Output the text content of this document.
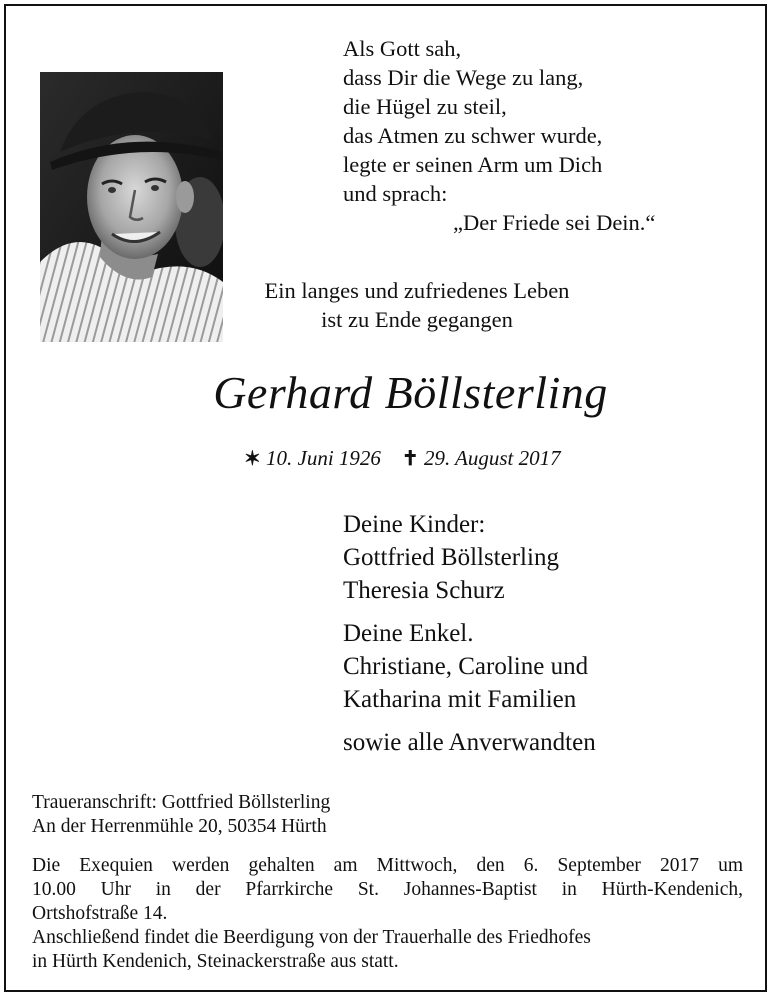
Als Gott sah,
dass Dir die Wege zu lang,
die Hügel zu steil,
das Atmen zu schwer wurde,
legte er seinen Arm um Dich
und sprach:
„Der Friede sei Dein.“
Ein langes und zufriedenes Leben
ist zu Ende gegangen
Gerhard Böllsterling
✶ 10. Juni 1926 ✝ 29. August 2017
Deine Kinder:
Gottfried Böllsterling
Theresia Schurz
Deine Enkel.
Christiane, Caroline und
Katharina mit Familien
sowie alle Anverwandten
Traueranschrift: Gottfried Böllsterling
An der Herrenmühle 20, 50354 Hürth
Die Exequien werden gehalten am Mittwoch, den 6. September 2017 um
10.00 Uhr in der Pfarrkirche St. Johannes-Baptist in Hürth-Kendenich,
Ortshofstraße 14.
Anschließend findet die Beerdigung von der Trauerhalle des Friedhofes
in Hürth Kendenich, Steinackerstraße aus statt.
